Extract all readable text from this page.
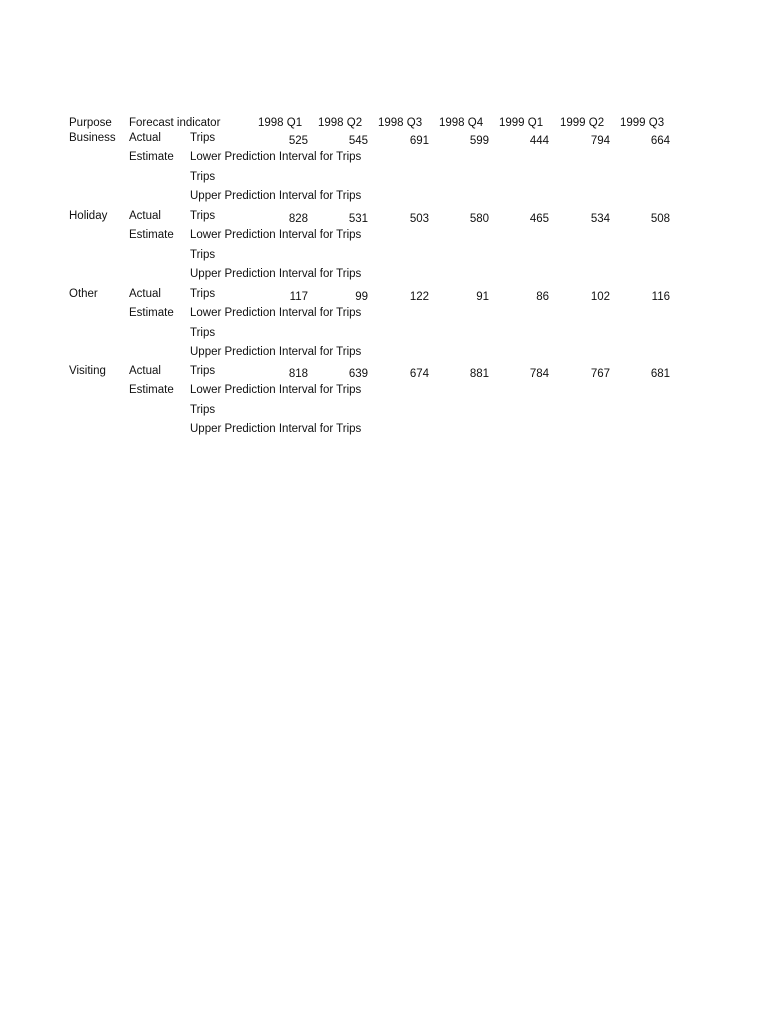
Purpose Forecast indicator	1998 Q1 1998 Q2 1998 Q3 1998 Q4 1999 Q1 1999 Q2 1999 Q3
Business Actual	Trips	525	545	691	599	444	794	664
Estimate Lower Prediction Interval for Trips
Trips
Upper Prediction Interval for Trips
Holiday Actual	Trips	828	531	503	580	465	534	508
Estimate Lower Prediction Interval for Trips
Trips
Upper Prediction Interval for Trips
Other	Actual	Trips	117	99	122	91	86	102	116
Estimate Lower Prediction Interval for Trips
Trips
Upper Prediction Interval for Trips
Visiting Actual	Trips	818	639	674	881	784	767	681
Estimate Lower Prediction Interval for Trips
Trips
Upper Prediction Interval for Trips
